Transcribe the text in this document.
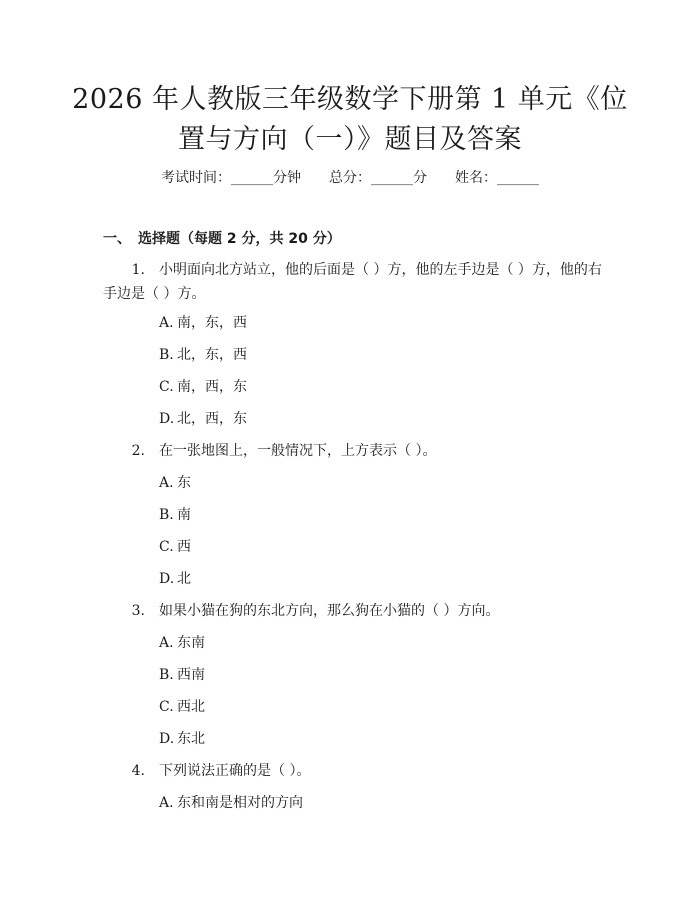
2026 年人教版三年级数学下册第 1 单元《位
置与方向（一）》题目及答案
考试时间：______分钟 总分：______分 姓名：______
一、 选择题（每题 2 分，共 20 分）
1. 小明面向北方站立，他的后面是（ ）方，他的左手边是（ ）方，他的右
手边是（ ）方。
A. 南，东，西
B. 北，东，西
C. 南，西，东
D. 北，西，东
2. 在一张地图上，一般情况下，上方表示（ ）。
A. 东
B. 南
C. 西
D. 北
3. 如果小猫在狗的东北方向，那么狗在小猫的（ ）方向。
A. 东南
B. 西南
C. 西北
D. 东北
4. 下列说法正确的是（ ）。
A. 东和南是相对的方向
